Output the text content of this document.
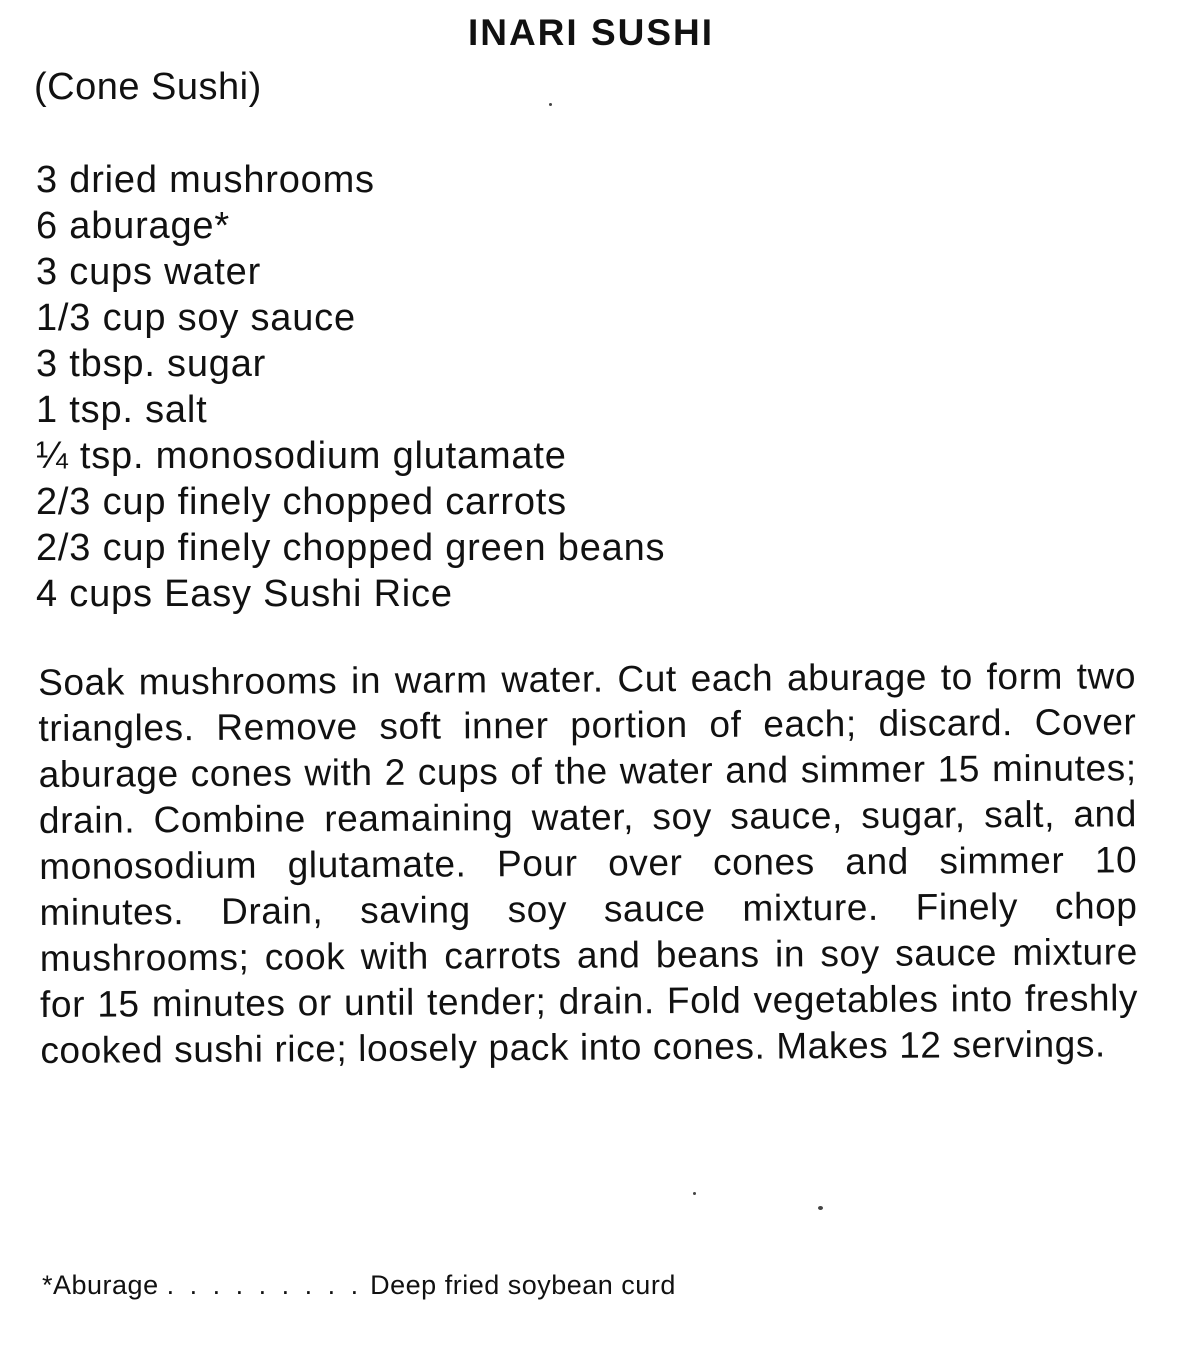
INARI SUSHI
(Cone Sushi)
3 dried mushrooms
6 aburage*
3 cups water
1/3 cup soy sauce
3 tbsp. sugar
1 tsp. salt
¼ tsp. monosodium glutamate
2/3 cup finely chopped carrots
2/3 cup finely chopped green beans
4 cups Easy Sushi Rice

Soak mushrooms in warm water. Cut each aburage to form two triangles. Remove soft inner portion of each; discard. Cover aburage cones with 2 cups of the water and simmer 15 minutes; drain. Combine reamaining water, soy sauce, sugar, salt, and monosodium glutamate. Pour over cones and simmer 10 minutes. Drain, saving soy sauce mixture. Finely chop mushrooms; cook with carrots and beans in soy sauce mixture for 15 minutes or until tender; drain. Fold vegetables into freshly cooked sushi rice; loosely pack into cones. Makes 12 servings.

*Aburage . . . . . . . . . Deep fried soybean curd
